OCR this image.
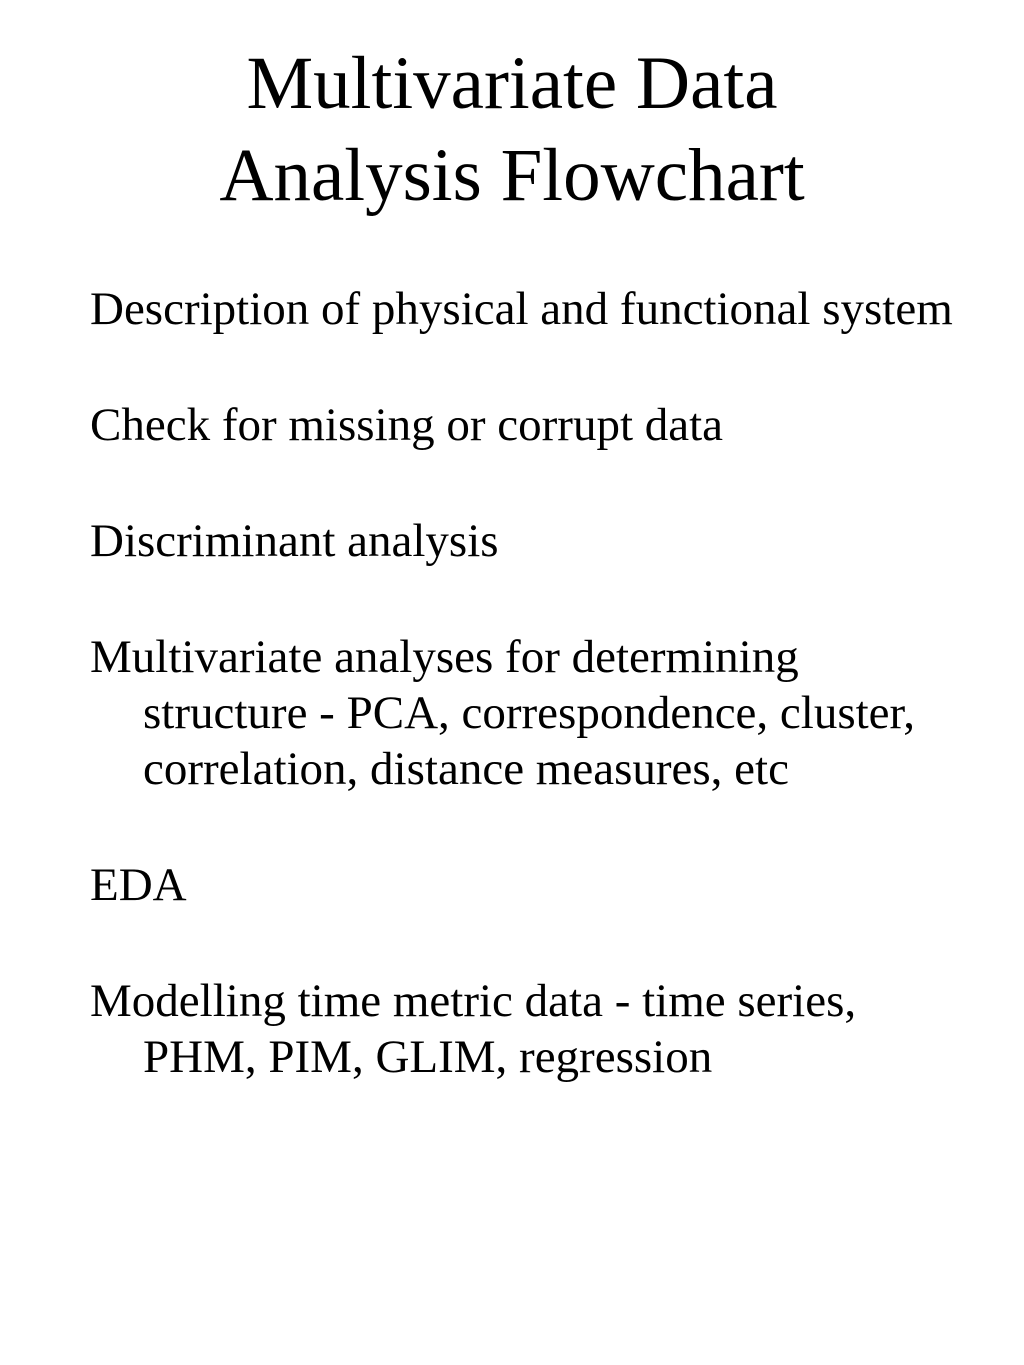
Multivariate Data
Analysis Flowchart
Description of physical and functional system
Check for missing or corrupt data
Discriminant analysis
Multivariate analyses for determining structure - PCA, correspondence, cluster, correlation, distance measures, etc
EDA
Modelling time metric data - time series, PHM, PIM, GLIM, regression
